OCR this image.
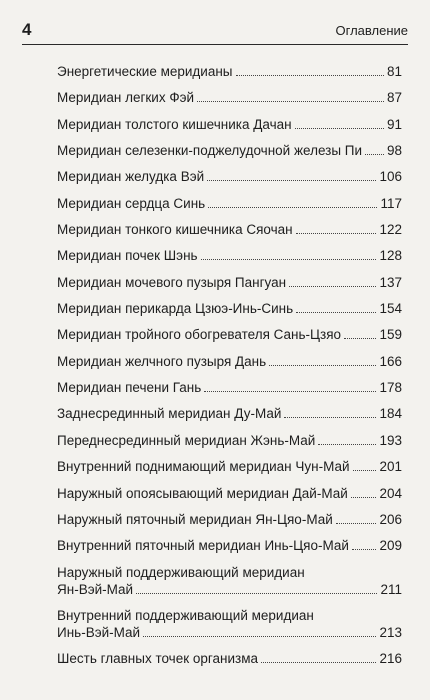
4	Оглавление
Энергетические меридианы	81
Меридиан легких Фэй	87
Меридиан толстого кишечника Дачан	91
Меридиан селезенки-поджелудочной железы Пи 98
Меридиан желудка Вэй	106
Меридиан сердца Синь	117
Меридиан тонкого кишечника Сяочан	122
Меридиан почек Шэнь	128
Меридиан мочевого пузыря Пангуан	137
Меридиан перикарда Цзюэ-Инь-Синь	154
Меридиан тройного обогревателя Сань-Цзяо	159
Меридиан желчного пузыря Дань	166
Меридиан печени Гань	178
Заднесрединный меридиан Ду-Май	184
Переднесрединный меридиан Жэнь-Май	193
Внутренний поднимающий меридиан Чун-Май 201
Наружный опоясывающий меридиан Дай-Май 204
Наружный пяточный меридиан Ян-Цяо-Май	206
Внутренний пяточный меридиан Инь-Цяо-Май 209
Наружный поддерживающий меридиан
Ян-Вэй-Май	211
Внутренний поддерживающий меридиан
Инь-Вэй-Май	213
Шесть главных точек организма	216
